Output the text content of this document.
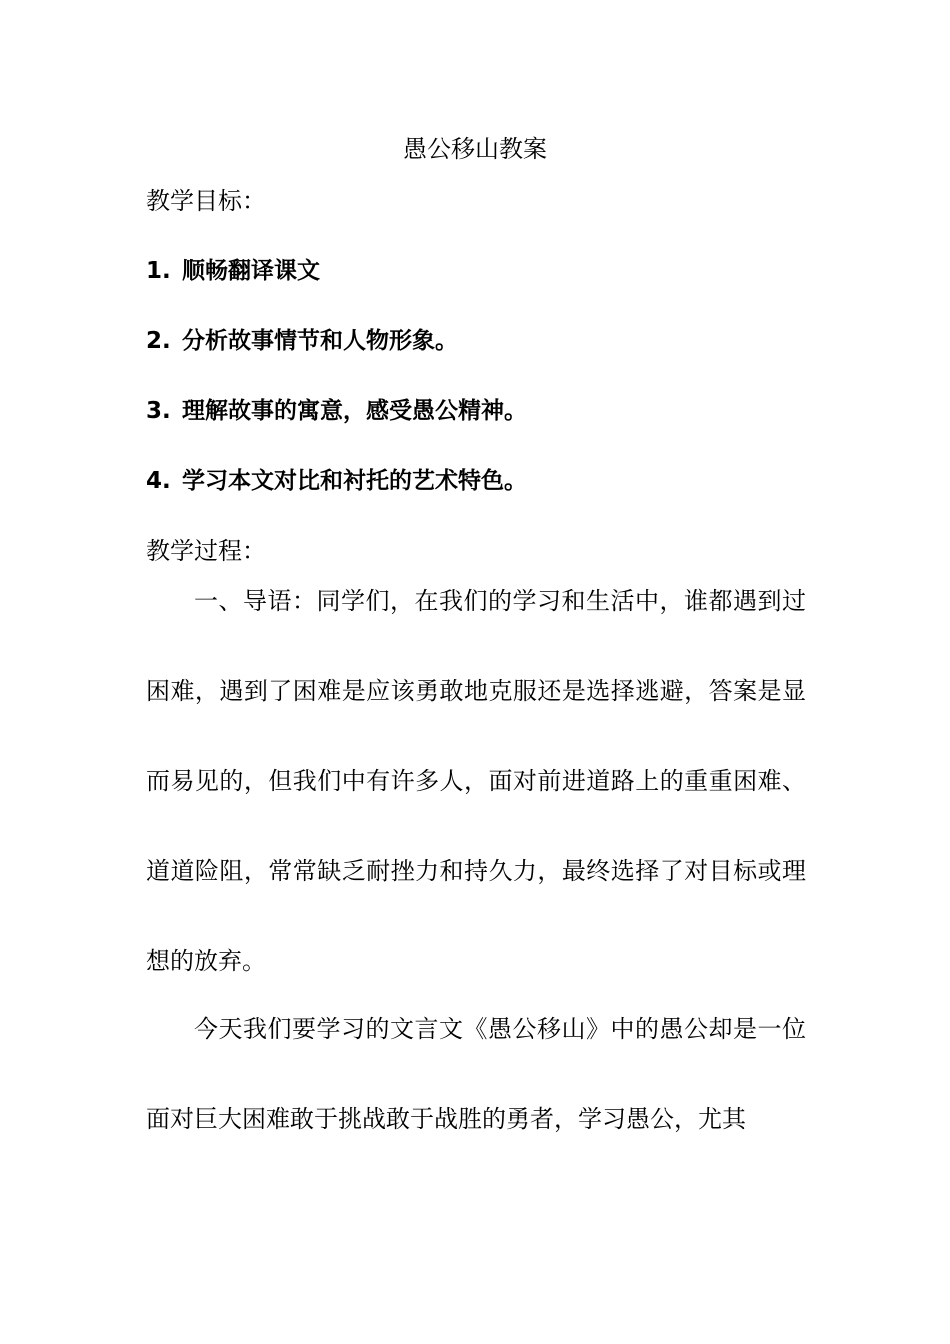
愚公移山教案
教学目标：
1. 顺畅翻译课文
2. 分析故事情节和人物形象。
3. 理解故事的寓意，感受愚公精神。
4. 学习本文对比和衬托的艺术特色。
教学过程：

一、导语：同学们，在我们的学习和生活中，谁都遇到过困难，遇到了困难是应该勇敢地克服还是选择逃避，答案是显而易见的，但我们中有许多人，面对前进道路上的重重困难、道道险阻，常常缺乏耐挫力和持久力，最终选择了对目标或理想的放弃。

今天我们要学习的文言文《愚公移山》中的愚公却是一位面对巨大困难敢于挑战敢于战胜的勇者，学习愚公，尤其
